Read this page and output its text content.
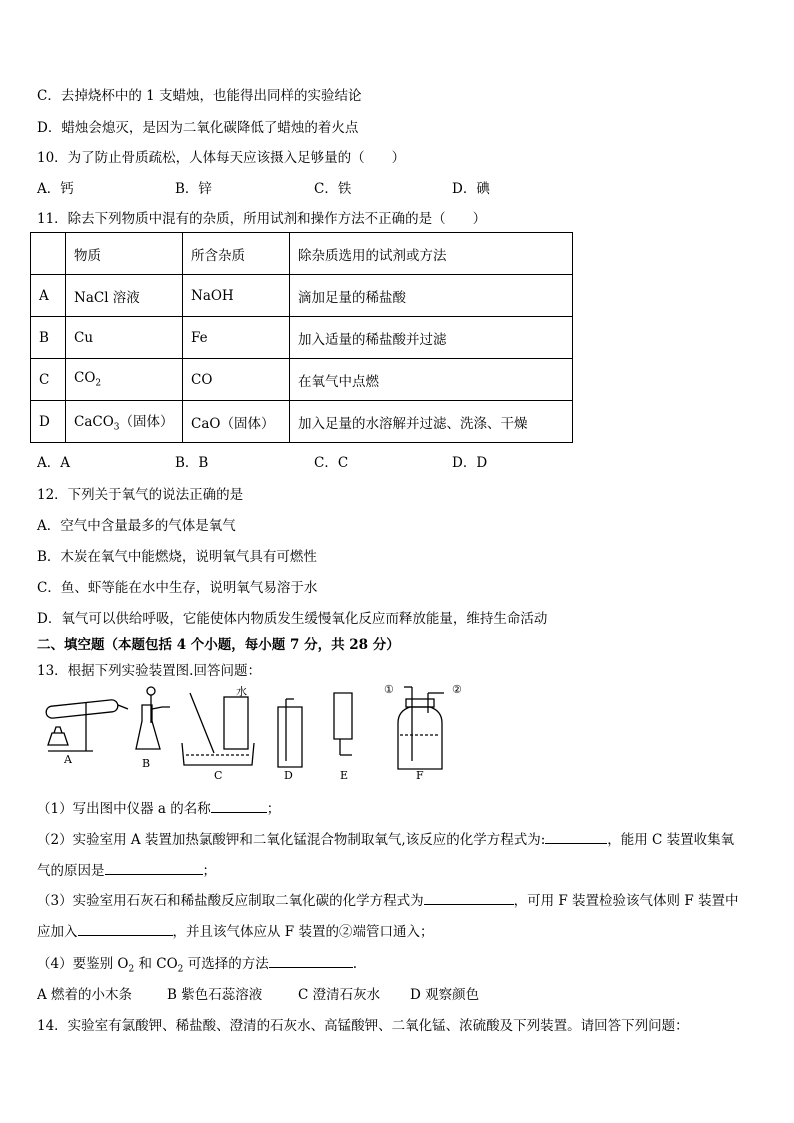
C．去掉烧杯中的 1 支蜡烛，也能得出同样的实验结论
D．蜡烛会熄灭，是因为二氧化碳降低了蜡烛的着火点
10．为了防止骨质疏松，人体每天应该摄入足够量的（　　）
A．钙	B．锌	C．铁	D．碘
11．除去下列物质中混有的杂质，所用试剂和操作方法不正确的是（　　）
	物质	所含杂质	除杂质选用的试剂或方法
A	NaCl 溶液	NaOH	滴加足量的稀盐酸
B	Cu	Fe	加入适量的稀盐酸并过滤
C	$CO_2$	CO	在氧气中点燃
D	CaCO$_3$（固体）	CaO（固体）	加入足量的水溶解并过滤、洗涤、干燥
A．A	B．B	C．C	D．D
12．下列关于氧气的说法正确的是
A．空气中含量最多的气体是氧气
B．木炭在氧气中能燃烧，说明氧气具有可燃性
C．鱼、虾等能在水中生存，说明氧气易溶于水
D．氧气可以供给呼吸，它能使体内物质发生缓慢氧化反应而释放能量，维持生命活动
二、填空题（本题包括 4 个小题，每小题 7 分，共 28 分）
13．根据下列实验装置图.回答问题：
A	B
C
水
D	E	F
①	②
（1）写出图中仪器 a 的名称	；
（2）实验室用 A 装置加热氯酸钾和二氧化锰混合物制取氧气,该反应的化学方程式为:	，能用 C 装置收集氧
气的原因是	；
（3）实验室用石灰石和稀盐酸反应制取二氧化碳的化学方程式为	，可用 F 装置检验该气体则 F 装置中
应加入	，并且该气体应从 F 装置的②端管口通入；
（4）要鉴别 $O_2$ 和 $CO_2$ 可选择的方法	.
A 燃着的小木条	B 紫色石蕊溶液	C 澄清石灰水 D 观察颜色
14．实验室有氯酸钾、稀盐酸、澄清的石灰水、高锰酸钾、二氧化锰、浓硫酸及下列装置。请回答下列问题：
